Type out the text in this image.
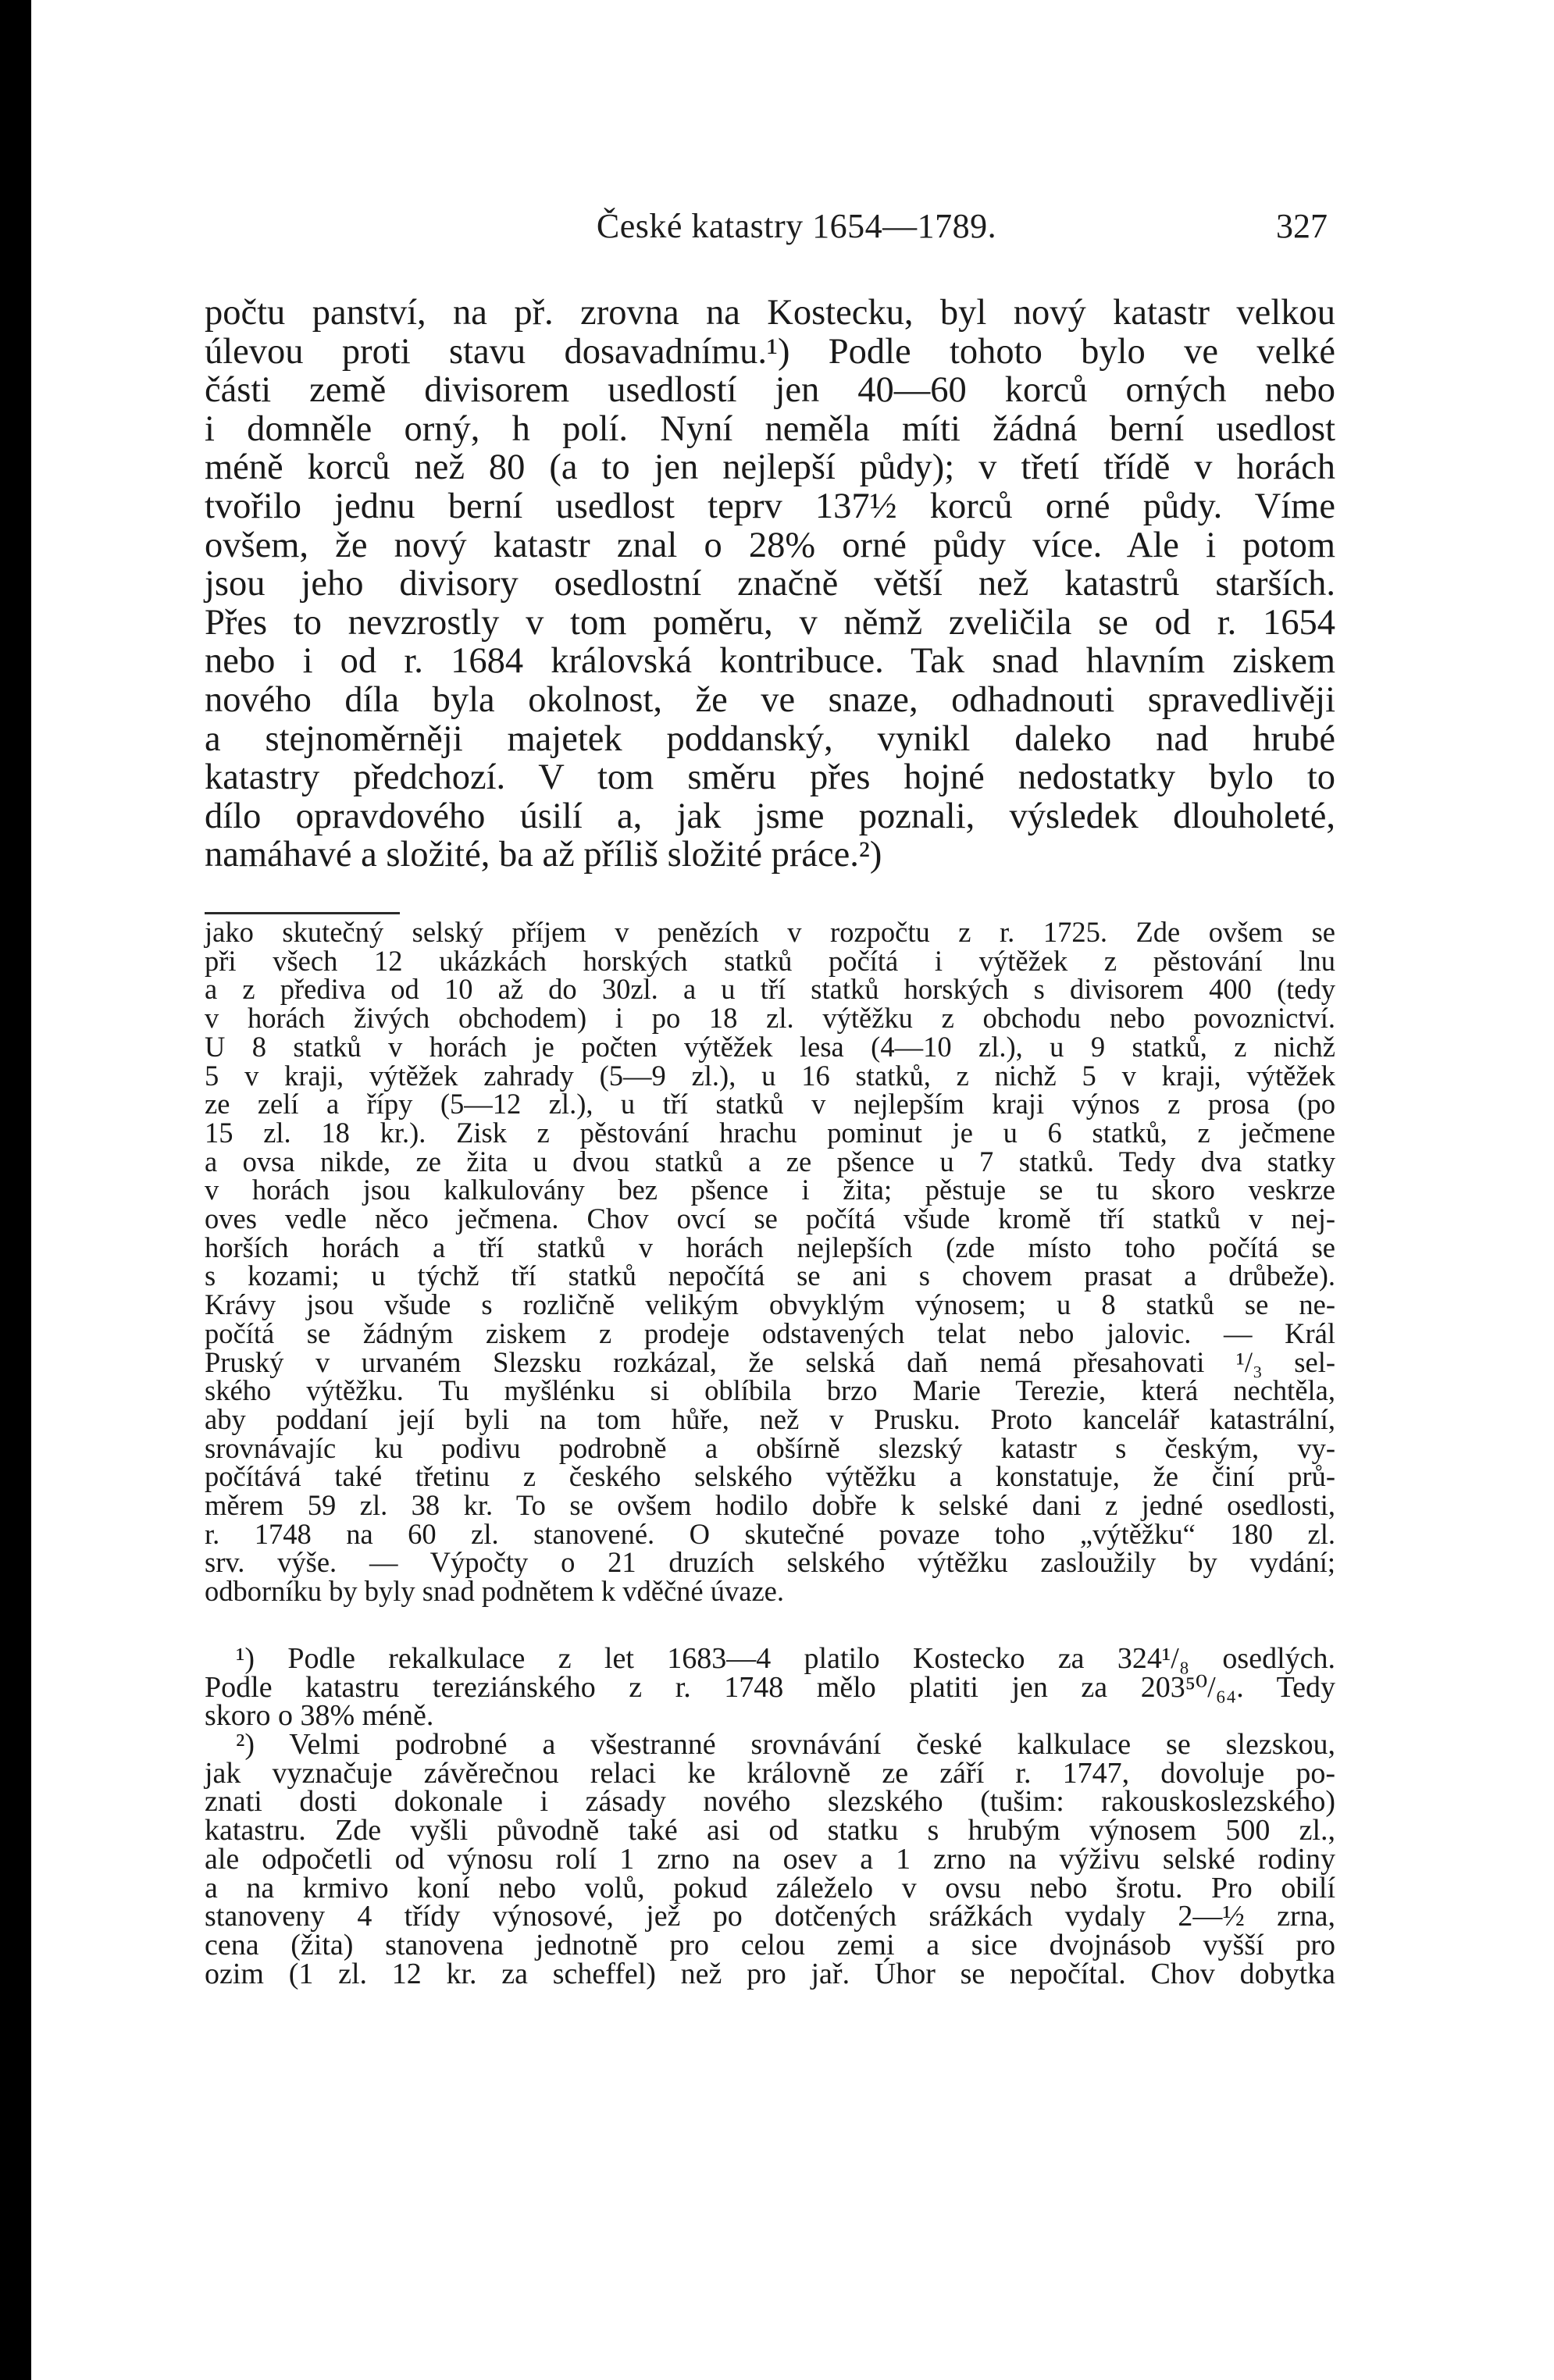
České katastry 1654—1789.	327
počtu panství, na př. zrovna na Kostecku, byl nový katastr velkou
úlevou proti stavu dosavadnímu.¹) Podle tohoto bylo ve velké
části země divisorem usedlostí jen 40—60 korců orných nebo
i domněle orný, h polí. Nyní neměla míti žádná berní usedlost
méně korců než 80 (a to jen nejlepší půdy); v třetí třídě v horách
tvořilo jednu berní usedlost teprv 137½ korců orné půdy. Víme
ovšem, že nový katastr znal o 28% orné půdy více. Ale i potom
jsou jeho divisory osedlostní značně větší než katastrů starších.
Přes to nevzrostly v tom poměru, v němž zveličila se od r. 1654
nebo i od r. 1684 královská kontribuce. Tak snad hlavním ziskem
nového díla byla okolnost, že ve snaze, odhadnouti spravedlivěji
a stejnoměrněji majetek poddanský, vynikl daleko nad hrubé
katastry předchozí. V tom směru přes hojné nedostatky bylo to
dílo opravdového úsilí a, jak jsme poznali, výsledek dlouholeté,
namáhavé a složité, ba až příliš složité práce.²)
jako skutečný selský příjem v penězích v rozpočtu z r. 1725. Zde ovšem se
při všech 12 ukázkách horských statků počítá i výtěžek z pěstování lnu
a z přediva od 10 až do 30zl. a u tří statků horských s divisorem 400 (tedy
v horách živých obchodem) i po 18 zl. výtěžku z obchodu nebo povoznictví.
U 8 statků v horách je počten výtěžek lesa (4—10 zl.), u 9 statků, z nichž
5 v kraji, výtěžek zahrady (5—9 zl.), u 16 statků, z nichž 5 v kraji, výtěžek
ze zelí a řípy (5—12 zl.), u tří statků v nejlepším kraji výnos z prosa (po
15 zl. 18 kr.). Zisk z pěstování hrachu pominut je u 6 statků, z ječmene
a ovsa nikde, ze žita u dvou statků a ze pšence u 7 statků. Tedy dva statky
v horách jsou kalkulovány bez pšence i žita; pěstuje se tu skoro veskrze
oves vedle něco ječmena. Chov ovcí se počítá všude kromě tří statků v nej-
horších horách a tří statků v horách nejlepších (zde místo toho počítá se
s kozami; u týchž tří statků nepočítá se ani s chovem prasat a drůbeže).
Krávy jsou všude s rozličně velikým obvyklým výnosem; u 8 statků se ne-
počítá se žádným ziskem z prodeje odstavených telat nebo jalovic. — Král
Pruský v urvaném Slezsku rozkázal, že selská daň nemá přesahovati ¹/₃ sel-
ského výtěžku. Tu myšlénku si oblíbila brzo Marie Terezie, která nechtěla,
aby poddaní její byli na tom hůře, než v Prusku. Proto kancelář katastrální,
srovnávajíc ku podivu podrobně a obšírně slezský katastr s českým, vy-
počítává také třetinu z českého selského výtěžku a konstatuje, že činí prů-
měrem 59 zl. 38 kr. To se ovšem hodilo dobře k selské dani z jedné osedlosti,
r. 1748 na 60 zl. stanovené. O skutečné povaze toho „výtěžku“ 180 zl.
srv. výše. — Výpočty o 21 druzích selského výtěžku zasloužily by vydání;
odborníku by byly snad podnětem k vděčné úvaze.
¹) Podle rekalkulace z let 1683—4 platilo Kostecko za 324¹/₈ osedlých.
Podle katastru tereziánského z r. 1748 mělo platiti jen za 203⁵⁰/₆₄. Tedy
skoro o 38% méně.
²) Velmi podrobné a všestranné srovnávání české kalkulace se slezskou,
jak vyznačuje závěrečnou relaci ke královně ze září r. 1747, dovoluje po-
znati dosti dokonale i zásady nového slezského (tušim: rakouskoslezského)
katastru. Zde vyšli původně také asi od statku s hrubým výnosem 500 zl.,
ale odpočetli od výnosu rolí 1 zrno na osev a 1 zrno na výživu selské rodiny
a na krmivo koní nebo volů, pokud záleželo v ovsu nebo šrotu. Pro obilí
stanoveny 4 třídy výnosové, jež po dotčených srážkách vydaly 2—½ zrna,
cena (žita) stanovena jednotně pro celou zemi a sice dvojnásob vyšší pro
ozim (1 zl. 12 kr. za scheffel) než pro jař. Úhor se nepočítal. Chov dobytka
